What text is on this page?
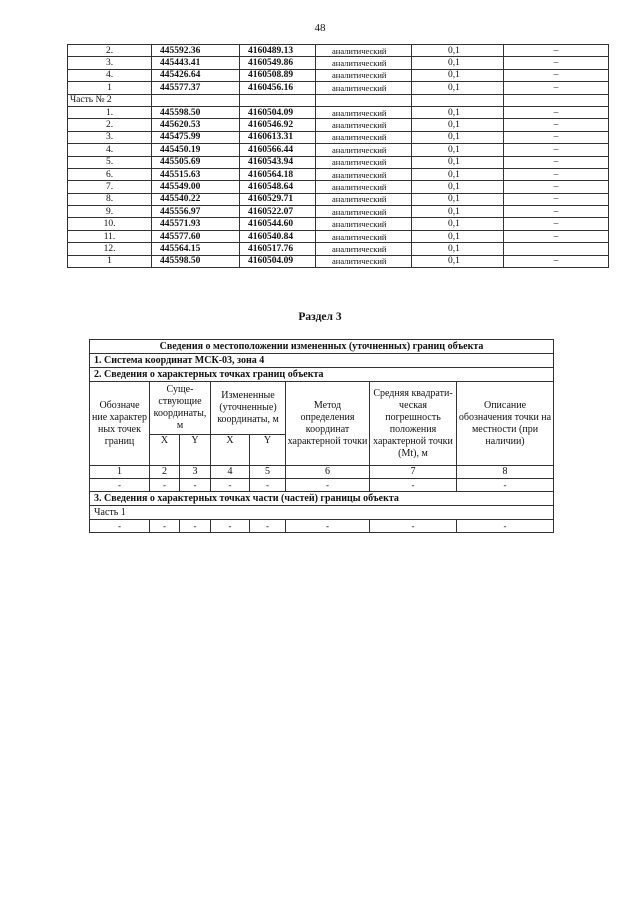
48
2.	445592.36	4160489.13	аналитический	0,1	–
3.	445443.41	4160549.86	аналитический	0,1	–
4.	445426.64	4160508.89	аналитический	0,1	–
1	445577.37	4160456.16	аналитический	0,1	–
Часть № 2					
1.	445598.50	4160504.09	аналитический	0,1	–
2.	445620.53	4160546.92	аналитический	0,1	–
3.	445475.99	4160613.31	аналитический	0,1	–
4.	445450.19	4160566.44	аналитический	0,1	–
5.	445505.69	4160543.94	аналитический	0,1	–
6.	445515.63	4160564.18	аналитический	0,1	–
7.	445549.00	4160548.64	аналитический	0,1	–
8.	445540.22	4160529.71	аналитический	0,1	–
9.	445556.97	4160522.07	аналитический	0,1	–
10.	445571.93	4160544.60	аналитический	0,1	–
11.	445577.60	4160540.84	аналитический	0,1	–
12.	445564.15	4160517.76	аналитический	0,1	
1	445598.50	4160504.09	аналитический	0,1	–
Раздел 3
Сведения о местоположении измененных (уточненных) границ объекта							
1. Система координат МСК-03, зона 4							
2. Сведения о характерных точках границ объекта							
Обозначе ние характер ных точек границ	Суще- ствующие координаты, м		Измененные (уточненные) координаты, м		Метод определения координат характерной точки	Средняя квадрати- ческая погрешность положения характерной точки (Mt), м	Описание обозначения точки на местности (при наличии)
	X	Y	X	Y			
1	2	3	4	5	6	7	8
-	-	-	-	-	-	-	-
3. Сведения о характерных точках части (частей) границы объекта							
Часть 1							
-	-	-	-	-	-	-	-
